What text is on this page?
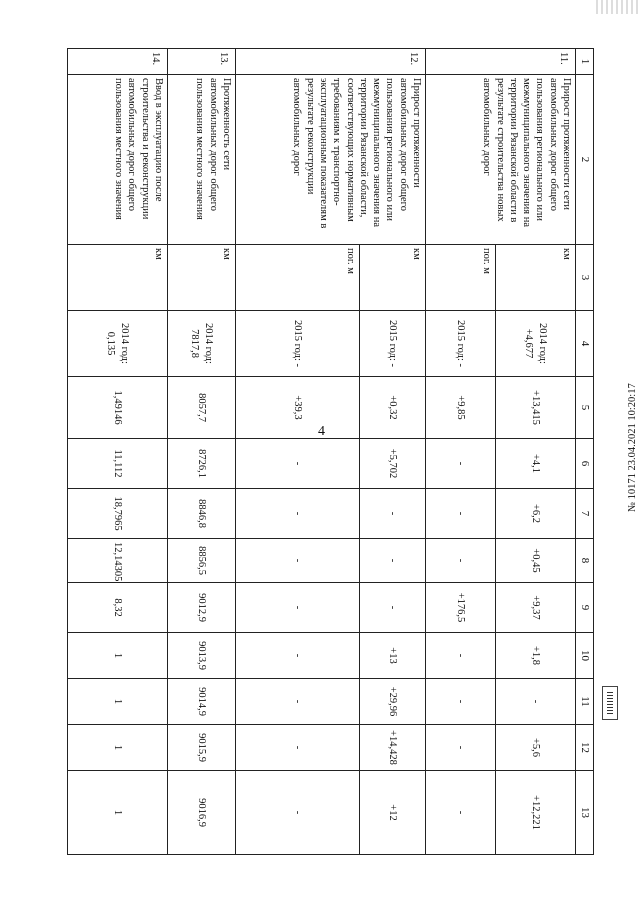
4
1	2	3	4	5	6	7	8	9	10	11	12	13
11.	Прирост протяженности сети автомобильных дорог общего пользования регионального или межмуниципального значения на территории Рязанской области в результате строительства новых автомобильных дорог	км	2014 год: +4,677	+13,415	+4,1	+6,2	+0,45	+9,37	+1,8	-	+5,6	+12,221
		пог. м	2015 год: -	+9,85	-	-	-	+176,5	-	-	-	-
12.	Прирост протяженности автомобильных дорог общего пользования регионального или межмуниципального значения на территории Рязанской области, соответствующих нормативным требованиям к транспортно-эксплуатационным показателям в результате реконструкции автомобильных дорог	км	2015 год: -	+0,32	+5,702	-	-	-	+13	+29,96	+14,428	+12
		пог. м	2015 год: -	+39,3	-	-	-	-	-	-	-	-
13.	Протяженность сети автомобильных дорог общего пользования местного значения	км	2014 год: 7817,8	8057,7	8726,1	8846,8	8856,5	9012,9	9013,9	9014,9	9015,9	9016,9
14.	Ввод в эксплуатацию после строительства и реконструкции автомобильных дорог общего пользования местного значения	км	2014 год: 0,135	1,49146	11,112	18,7965	12,14305	8,32	1	1	1	1
№ 10171 23.04.2021 10:20:17
